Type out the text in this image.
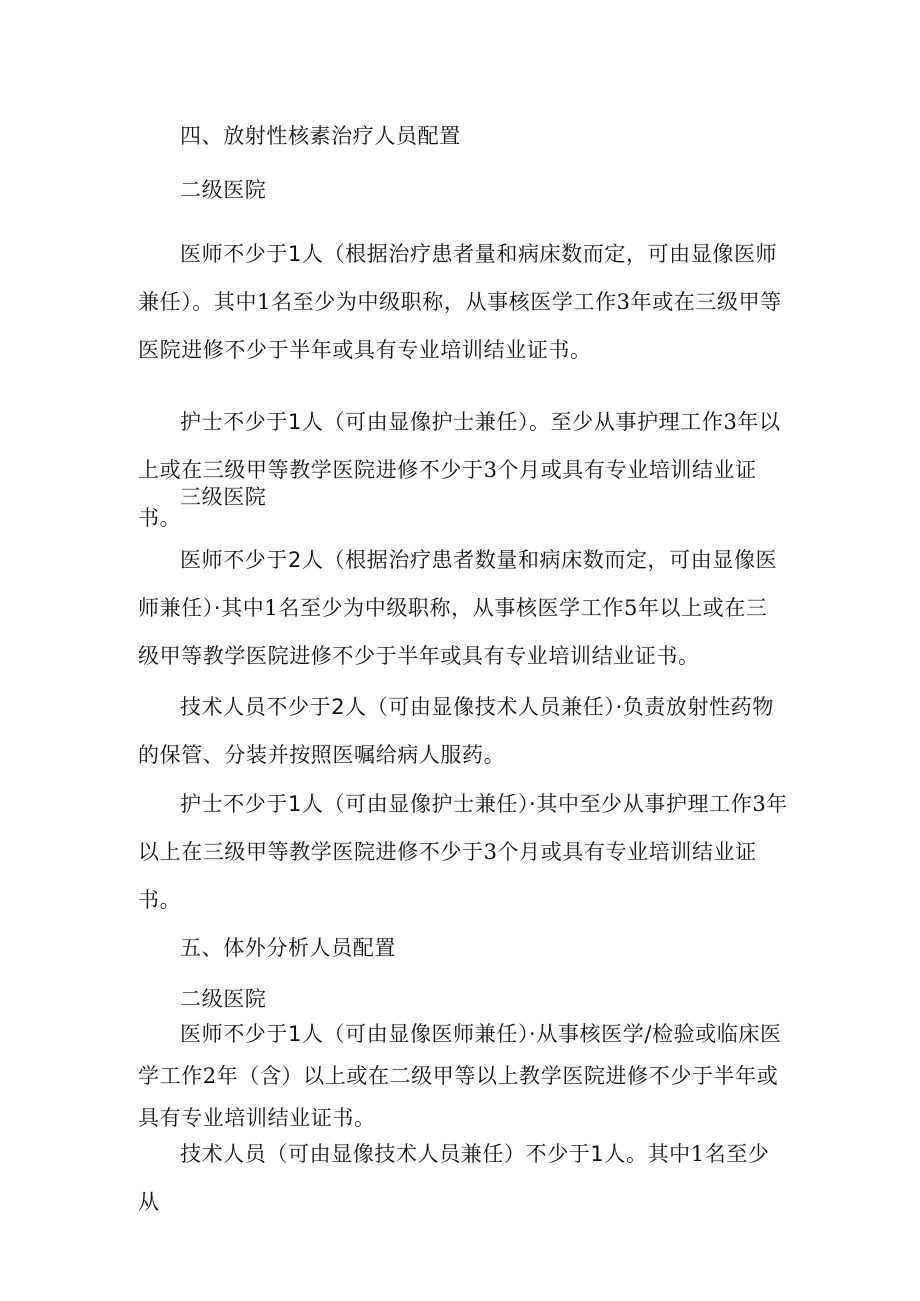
四、放射性核素治疗人员配置

二级医院

医师不少于1人（根据治疗患者量和病床数而定，可由显像医师兼任）。其中1名至少为中级职称，从事核医学工作3年或在三级甲等医院进修不少于半年或具有专业培训结业证书。

护士不少于1人（可由显像护士兼任）。至少从事护理工作3年以上或在三级甲等教学医院进修不少于3个月或具有专业培训结业证书。

三级医院

医师不少于2人（根据治疗患者数量和病床数而定，可由显像医师兼任）·其中1名至少为中级职称，从事核医学工作5年以上或在三级甲等教学医院进修不少于半年或具有专业培训结业证书。

技术人员不少于2人（可由显像技术人员兼任）·负责放射性药物的保管、分装并按照医嘱给病人服药。

护士不少于1人（可由显像护士兼任）·其中至少从事护理工作3年以上在三级甲等教学医院进修不少于3个月或具有专业培训结业证书。

五、体外分析人员配置

二级医院

医师不少于1人（可由显像医师兼任）·从事核医学/检验或临床医学工作2年（含）以上或在二级甲等以上教学医院进修不少于半年或具有专业培训结业证书。

技术人员（可由显像技术人员兼任）不少于1人。其中1名至少从
